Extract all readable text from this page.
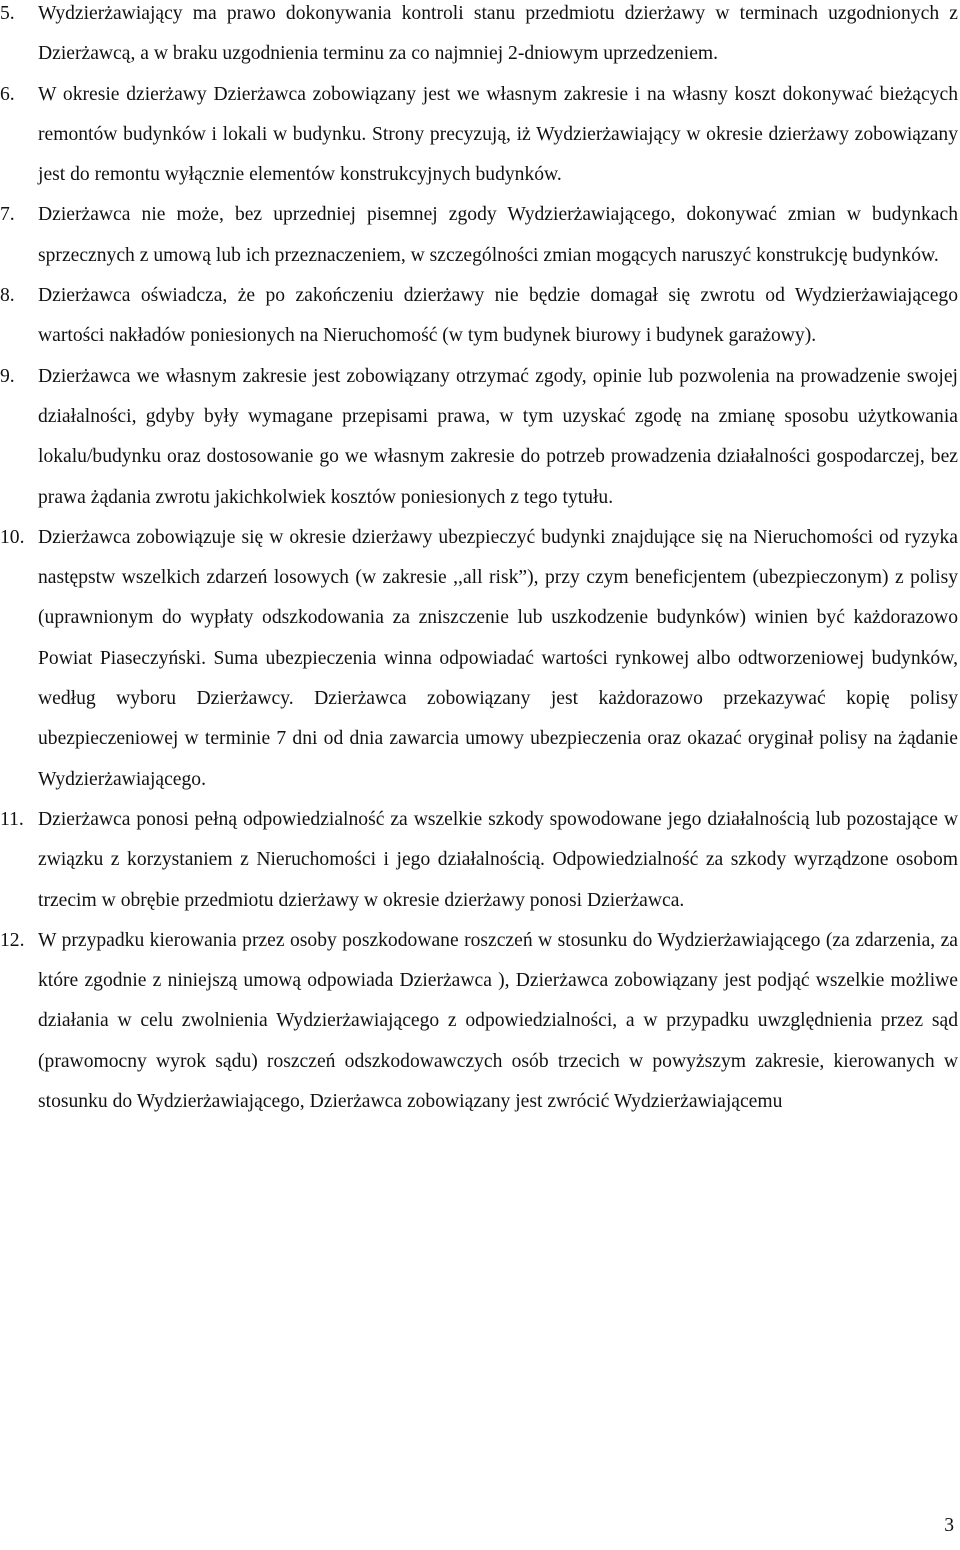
5.	Wydzierżawiający ma prawo dokonywania kontroli stanu przedmiotu dzierżawy w terminach uzgodnionych z Dzierżawcą, a w braku uzgodnienia terminu za co najmniej 2-dniowym uprzedzeniem.
6.	W okresie dzierżawy Dzierżawca zobowiązany jest we własnym zakresie i na własny koszt dokonywać bieżących remontów budynków i lokali w budynku. Strony precyzują, iż Wydzierżawiający w okresie dzierżawy zobowiązany jest do remontu wyłącznie elementów konstrukcyjnych budynków.
7.	Dzierżawca nie może, bez uprzedniej pisemnej zgody Wydzierżawiającego, dokonywać zmian w budynkach sprzecznych z umową lub ich przeznaczeniem, w szczególności zmian mogących naruszyć konstrukcję budynków.
8.	Dzierżawca oświadcza, że po zakończeniu dzierżawy nie będzie domagał się zwrotu od Wydzierżawiającego wartości nakładów poniesionych na Nieruchomość (w tym budynek biurowy i budynek garażowy).
9.	Dzierżawca we własnym zakresie jest zobowiązany otrzymać zgody, opinie lub pozwolenia na prowadzenie swojej działalności, gdyby były wymagane przepisami prawa, w tym uzyskać zgodę na zmianę sposobu użytkowania lokalu/budynku oraz dostosowanie go we własnym zakresie do potrzeb prowadzenia działalności gospodarczej, bez prawa żądania zwrotu jakichkolwiek kosztów poniesionych z tego tytułu.
10. Dzierżawca zobowiązuje się w okresie dzierżawy ubezpieczyć budynki znajdujące się na Nieruchomości od ryzyka następstw wszelkich zdarzeń losowych (w zakresie ,,all risk”), przy czym beneficjentem (ubezpieczonym) z polisy (uprawnionym do wypłaty odszkodowania za zniszczenie lub uszkodzenie budynków) winien być każdorazowo Powiat Piaseczyński. Suma ubezpieczenia winna odpowiadać wartości rynkowej albo odtworzeniowej budynków, według wyboru Dzierżawcy. Dzierżawca zobowiązany jest każdorazowo przekazywać kopię polisy ubezpieczeniowej w terminie 7 dni od dnia zawarcia umowy ubezpieczenia oraz okazać oryginał polisy na żądanie Wydzierżawiającego.
11. Dzierżawca ponosi pełną odpowiedzialność za wszelkie szkody spowodowane jego działalnością lub pozostające w związku z korzystaniem z Nieruchomości i jego działalnością. Odpowiedzialność za szkody wyrządzone osobom trzecim w obrębie przedmiotu dzierżawy w okresie dzierżawy ponosi Dzierżawca.
12. W przypadku kierowania przez osoby poszkodowane roszczeń w stosunku do Wydzierżawiającego (za zdarzenia, za które zgodnie z niniejszą umową odpowiada Dzierżawca ), Dzierżawca zobowiązany jest podjąć wszelkie możliwe działania w celu zwolnienia Wydzierżawiającego z odpowiedzialności, a w przypadku uwzględnienia przez sąd (prawomocny wyrok sądu) roszczeń odszkodowawczych osób trzecich w powyższym zakresie, kierowanych w stosunku do Wydzierżawiającego, Dzierżawca zobowiązany jest zwrócić Wydzierżawiającemu
3
